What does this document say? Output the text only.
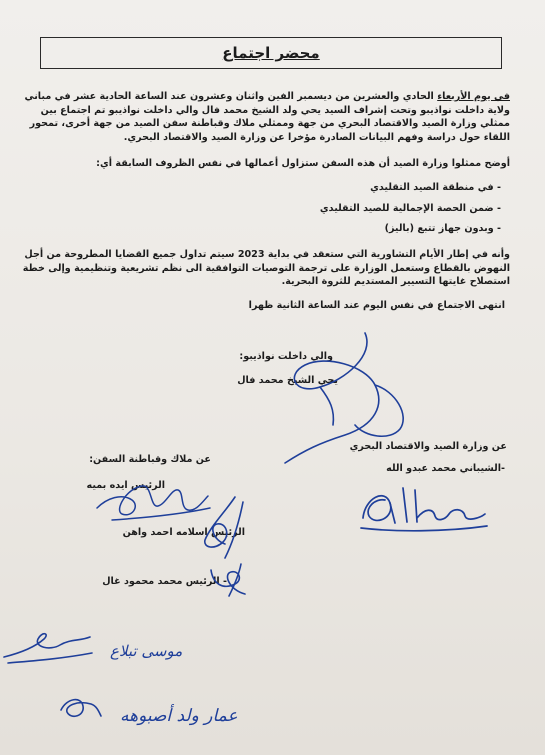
محضر اجتماع

في يوم الأربعاء الحادي والعشرين من ديسمبر الفين واثنان وعشرون عند الساعة الحادية عشر في مباني ولاية داخلت نواذيبو وتحت إشراف السيد يحي ولد الشيخ محمد فال والي داخلت نواذيبو تم اجتماع بين ممثلي وزارة الصيد والاقتصاد البحري من جهة وممثلي ملاك وقباطنة سفن الصيد من جهة أخرى، تمحور اللقاء حول دراسة وفهم البيانات الصادرة مؤخرا عن وزارة الصيد والاقتصاد البحري.

أوضح ممثلوا وزارة الصيد أن هذه السفن ستزاول أعمالها في نفس الظروف السابقة أي:

- في منطقة الصيد التقليدي

- ضمن الحصة الإجمالية للصيد التقليدي

- وبدون جهاز تتبع (باليز)

وأنه في إطار الأيام التشاورية التي ستعقد في بداية 2023 سيتم تداول جميع القضايا المطروحة من أجل النهوض بالقطاع وستعمل الوزارة على ترجمة التوصيات التوافقية الى نظم تشريعية وتنظيمية وإلى خطة استصلاح غايتها التسيير المستديم للثروة البحرية.

انتهى الاجتماع في نفس اليوم عند الساعة الثانية ظهرا

والي داخلت نواذيبو:

يحي الشيخ محمد فال

عن وزارة الصيد والاقتصاد البحري

-الشيباني محمد عبدو الله

عن ملاك وقباطنة السفن:

الرئيس ايده بميه

الرئيس اسلامه احمد واهن

- الرئيس محمد محمود غال

موسى تبلاع

عمار ولد أصبوهه
